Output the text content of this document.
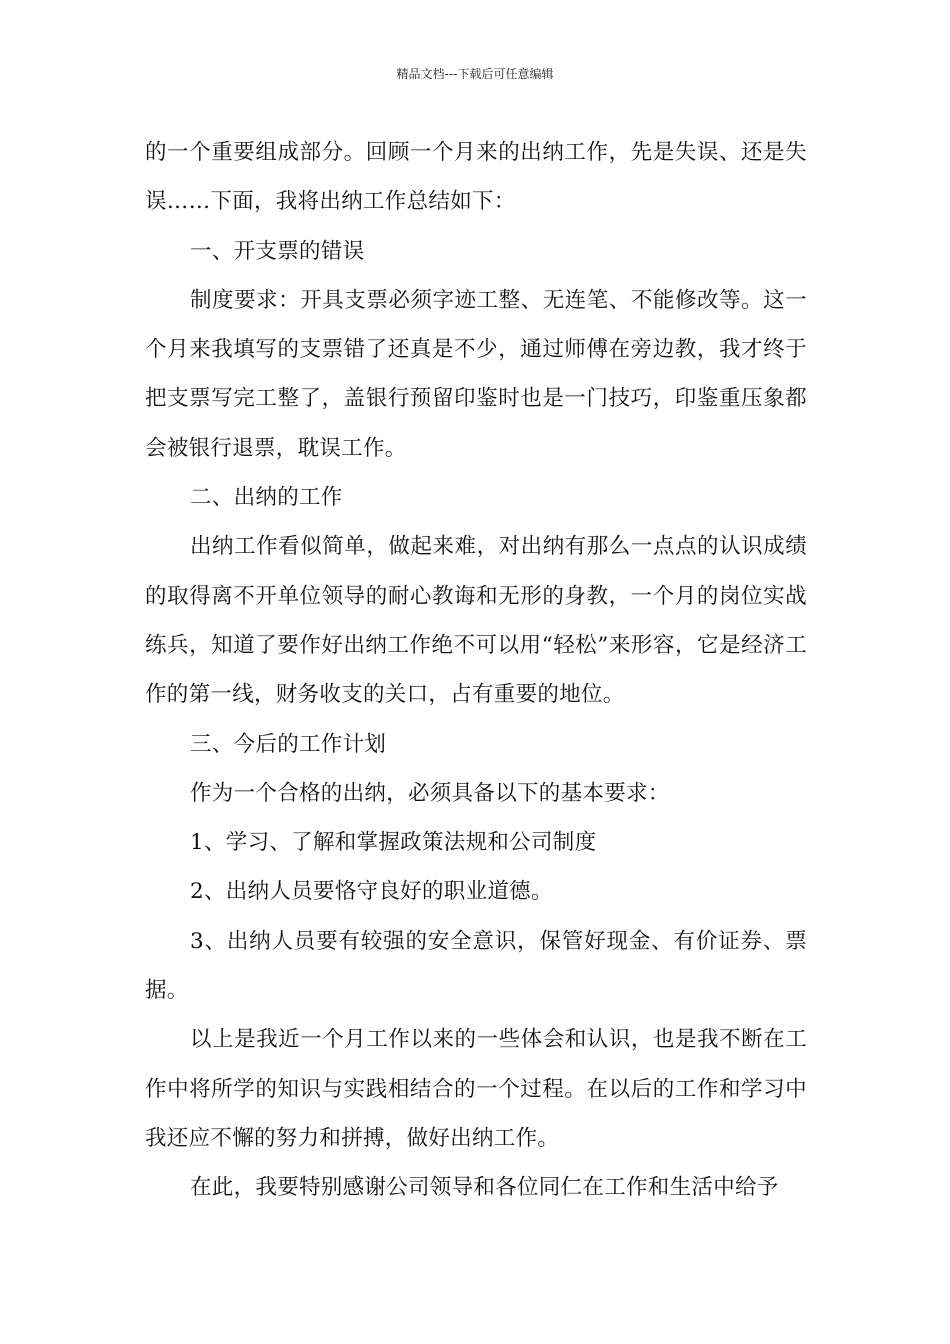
精品文档---下载后可任意编辑

的一个重要组成部分。回顾一个月来的出纳工作，先是失误、还是失误……下面，我将出纳工作总结如下：

一、开支票的错误

制度要求：开具支票必须字迹工整、无连笔、不能修改等。这一个月来我填写的支票错了还真是不少，通过师傅在旁边教，我才终于把支票写完工整了，盖银行预留印鉴时也是一门技巧，印鉴重压象都会被银行退票，耽误工作。

二、出纳的工作

出纳工作看似简单，做起来难，对出纳有那么一点点的认识成绩的取得离不开单位领导的耐心教诲和无形的身教，一个月的岗位实战练兵，知道了要作好出纳工作绝不可以用“轻松”来形容，它是经济工作的第一线，财务收支的关口，占有重要的地位。

三、今后的工作计划

作为一个合格的出纳，必须具备以下的基本要求：

1、学习、了解和掌握政策法规和公司制度

2、出纳人员要恪守良好的职业道德。

3、出纳人员要有较强的安全意识，保管好现金、有价证券、票据。

以上是我近一个月工作以来的一些体会和认识，也是我不断在工作中将所学的知识与实践相结合的一个过程。在以后的工作和学习中我还应不懈的努力和拼搏，做好出纳工作。

在此，我要特别感谢公司领导和各位同仁在工作和生活中给予
